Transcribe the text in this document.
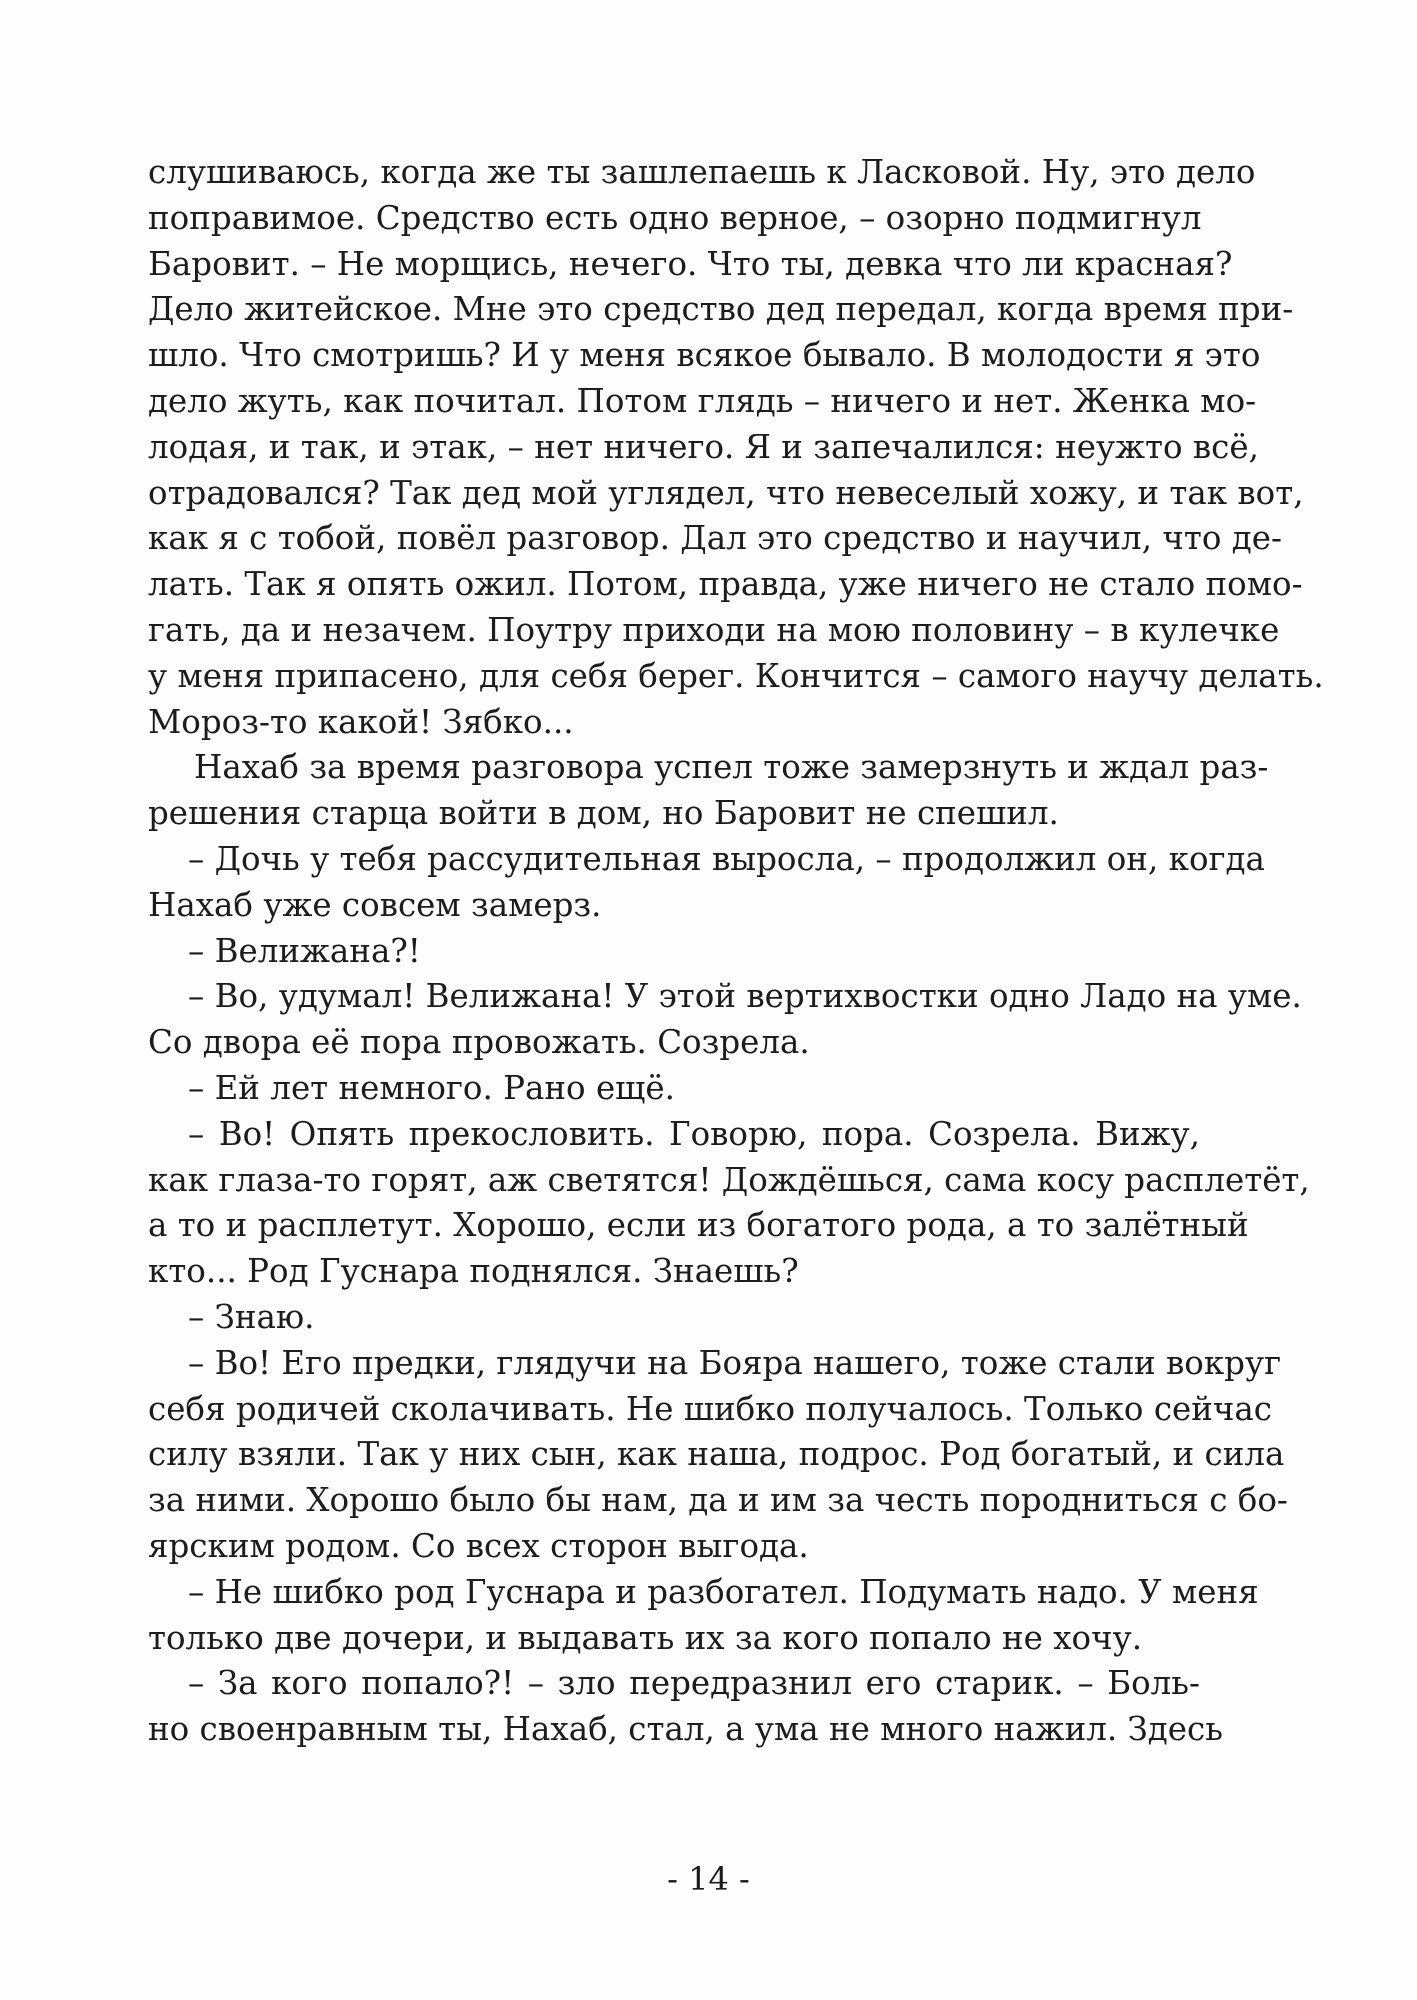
слушиваюсь, когда же ты зашлепаешь к Ласковой. Ну, это дело
поправимое. Средство есть одно верное, – озорно подмигнул
Баровит. – Не морщись, нечего. Что ты, девка что ли красная?
Дело житейское. Мне это средство дед передал, когда время при-
шло. Что смотришь? И у меня всякое бывало. В молодости я это
дело жуть, как почитал. Потом глядь – ничего и нет. Женка мо-
лодая, и так, и этак, – нет ничего. Я и запечалился: неужто всё,
отрадовался? Так дед мой углядел, что невеселый хожу, и так вот,
как я с тобой, повёл разговор. Дал это средство и научил, что де-
лать. Так я опять ожил. Потом, правда, уже ничего не стало помо-
гать, да и незачем. Поутру приходи на мою половину – в кулечке
у меня припасено, для себя берег. Кончится – самого научу делать.
Мороз-то какой! Зябко...
Нахаб за время разговора успел тоже замерзнуть и ждал раз-
решения старца войти в дом, но Баровит не спешил.
– Дочь у тебя рассудительная выросла, – продолжил он, когда
Нахаб уже совсем замерз.
– Велижана?!
– Во, удумал! Велижана! У этой вертихвостки одно Ладо на уме.
Со двора её пора провожать. Созрела.
– Ей лет немного. Рано ещё.
– Во! Опять прекословить. Говорю, пора. Созрела. Вижу,
как глаза-то горят, аж светятся! Дождёшься, сама косу расплетёт,
а то и расплетут. Хорошо, если из богатого рода, а то залётный
кто... Род Гуснара поднялся. Знаешь?
– Знаю.
– Во! Его предки, глядучи на Бояра нашего, тоже стали вокруг
себя родичей сколачивать. Не шибко получалось. Только сейчас
силу взяли. Так у них сын, как наша, подрос. Род богатый, и сила
за ними. Хорошо было бы нам, да и им за честь породниться с бо-
ярским родом. Со всех сторон выгода.
– Не шибко род Гуснара и разбогател. Подумать надо. У меня
только две дочери, и выдавать их за кого попало не хочу.
– За кого попало?! – зло передразнил его старик. – Боль-
но своенравным ты, Нахаб, стал, а ума не много нажил. Здесь
- 14 -
